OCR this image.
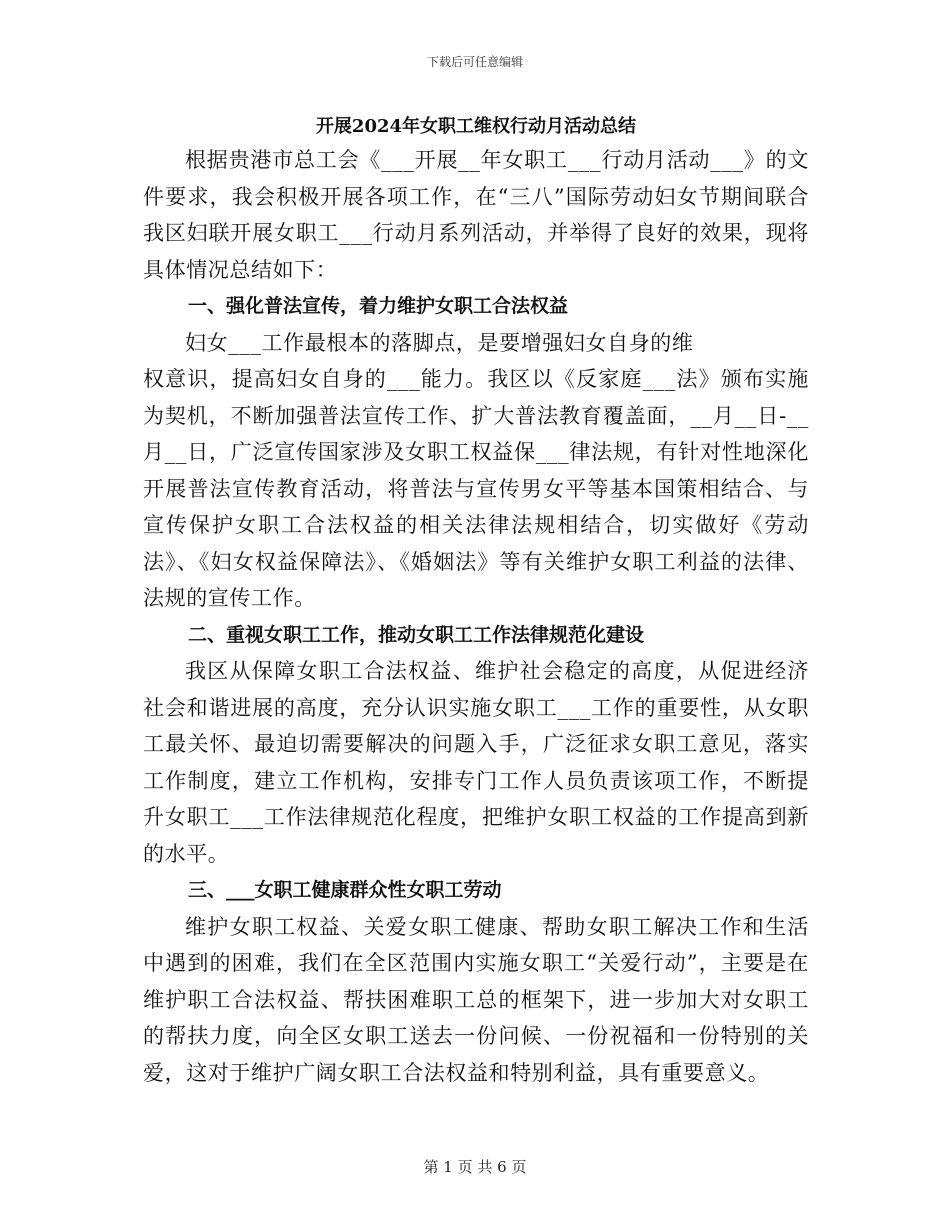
下载后可任意编辑
开展2024年女职工维权行动月活动总结

根据贵港市总工会《___开展__年女职工___行动月活动___》的文件要求，我会积极开展各项工作，在“三八”国际劳动妇女节期间联合我区妇联开展女职工___行动月系列活动，并举得了良好的效果，现将具体情况总结如下：

一、强化普法宣传，着力维护女职工合法权益

妇女___工作最根本的落脚点，是要增强妇女自身的维

权意识，提高妇女自身的___能力。我区以《反家庭___法》颁布实施为契机，不断加强普法宣传工作、扩大普法教育覆盖面，__月__日-__月__日，广泛宣传国家涉及女职工权益保___律法规，有针对性地深化开展普法宣传教育活动，将普法与宣传男女平等基本国策相结合、与宣传保护女职工合法权益的相关法律法规相结合，切实做好《劳动法》、《妇女权益保障法》、《婚姻法》等有关维护女职工利益的法律、法规的宣传工作。

二、重视女职工工作，推动女职工工作法律规范化建设

我区从保障女职工合法权益、维护社会稳定的高度，从促进经济社会和谐进展的高度，充分认识实施女职工___工作的重要性，从女职工最关怀、最迫切需要解决的问题入手，广泛征求女职工意见，落实工作制度，建立工作机构，安排专门工作人员负责该项工作，不断提升女职工___工作法律规范化程度，把维护女职工权益的工作提高到新的水平。

三、___女职工健康群众性女职工劳动

维护女职工权益、关爱女职工健康、帮助女职工解决工作和生活中遇到的困难，我们在全区范围内实施女职工“关爱行动”，主要是在维护职工合法权益、帮扶困难职工总的框架下，进一步加大对女职工的帮扶力度，向全区女职工送去一份问候、一份祝福和一份特别的关爱，这对于维护广阔女职工合法权益和特别利益，具有重要意义。

第 1 页 共 6 页
